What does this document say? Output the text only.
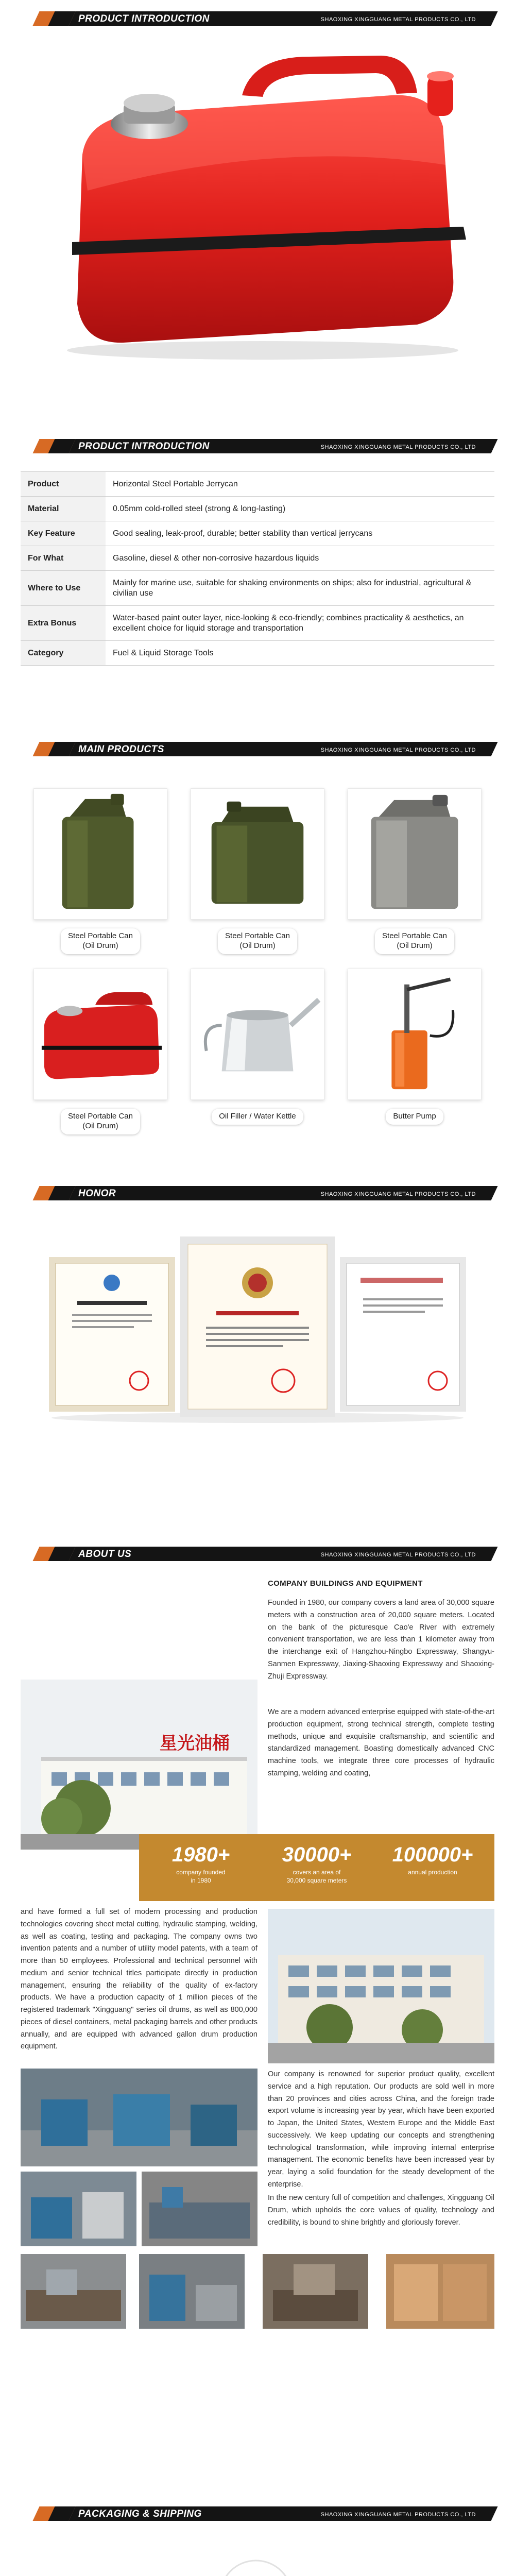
PRODUCT INTRODUCTION	SHAOXING XINGGUANG METAL PRODUCTS CO., LTD
PRODUCT INTRODUCTION	SHAOXING XINGGUANG METAL PRODUCTS CO., LTD
Product	Horizontal Steel Portable Jerrycan
Material	0.05mm cold-rolled steel (strong & long-lasting)
Key Feature	Good sealing, leak-proof, durable; better stability than vertical jerrycans
For What	Gasoline, diesel & other non-corrosive hazardous liquids
Where to Use	Mainly for marine use, suitable for shaking environments on ships; also for industrial, agricultural & civilian use
Extra Bonus	Water-based paint outer layer, nice-looking & eco-friendly; combines practicality & aesthetics, an excellent choice for liquid storage and transportation
Category	Fuel & Liquid Storage Tools
MAIN PRODUCTS	SHAOXING XINGGUANG METAL PRODUCTS CO., LTD

Steel Portable Can
(Oil Drum)

Steel Portable Can
(Oil Drum)

Steel Portable Can
(Oil Drum)

Steel Portable Can
(Oil Drum)

Oil Filler / Water Kettle
	Butter Pump
HONOR	SHAOXING XINGGUANG METAL PRODUCTS CO., LTD
ABOUT US	SHAOXING XINGGUANG METAL PRODUCTS CO., LTD
COMPANY BUILDINGS AND EQUIPMENT
Founded in 1980, our company covers a land area of 30,000 square meters with a construction area of 20,000 square meters. Located on the bank of the picturesque Cao'e River with extremely convenient transportation, we are less than 1 kilometer away from the interchange exit of Hangzhou-Ningbo Expressway, Shangyu-Sanmen Expressway, Jiaxing-Shaoxing Expressway and Shaoxing-Zhuji Expressway.
We are a modern advanced enterprise equipped with state-of-the-art production equipment, strong technical strength, complete testing methods, unique and exquisite craftsmanship, and scientific and standardized management. Boasting domestically advanced CNC machine tools, we integrate three core processes of hydraulic stamping, welding and coating,
星光油桶
1980+
company founded
in 1980
30000+
covers an area of
30,000 square meters
100000+
annual production
and have formed a full set of modern processing and production technologies covering sheet metal cutting, hydraulic stamping, welding, as well as coating, testing and packaging. The company owns two invention patents and a number of utility model patents, with a team of more than 50 employees. Professional and technical personnel with medium and senior technical titles participate directly in production management, ensuring the reliability of the quality of ex-factory products. We have a production capacity of 1 million pieces of the registered trademark "Xingguang" series oil drums, as well as 800,000 pieces of diesel containers, metal packaging barrels and other products annually, and are equipped with advanced gallon drum production equipment.
Our company is renowned for superior product quality, excellent service and a high reputation. Our products are sold well in more than 20 provinces and cities across China, and the foreign trade export volume is increasing year by year, which have been exported to Japan, the United States, Western Europe and the Middle East successively. We keep updating our concepts and strengthening technological transformation, while improving internal enterprise management. The economic benefits have been increased year by year, laying a solid foundation for the steady development of the enterprise.
In the new century full of competition and challenges, Xingguang Oil Drum, which upholds the core values of quality, technology and credibility, is bound to shine brightly and gloriously forever.
PACKAGING & SHIPPING	SHAOXING XINGGUANG METAL PRODUCTS CO., LTD
